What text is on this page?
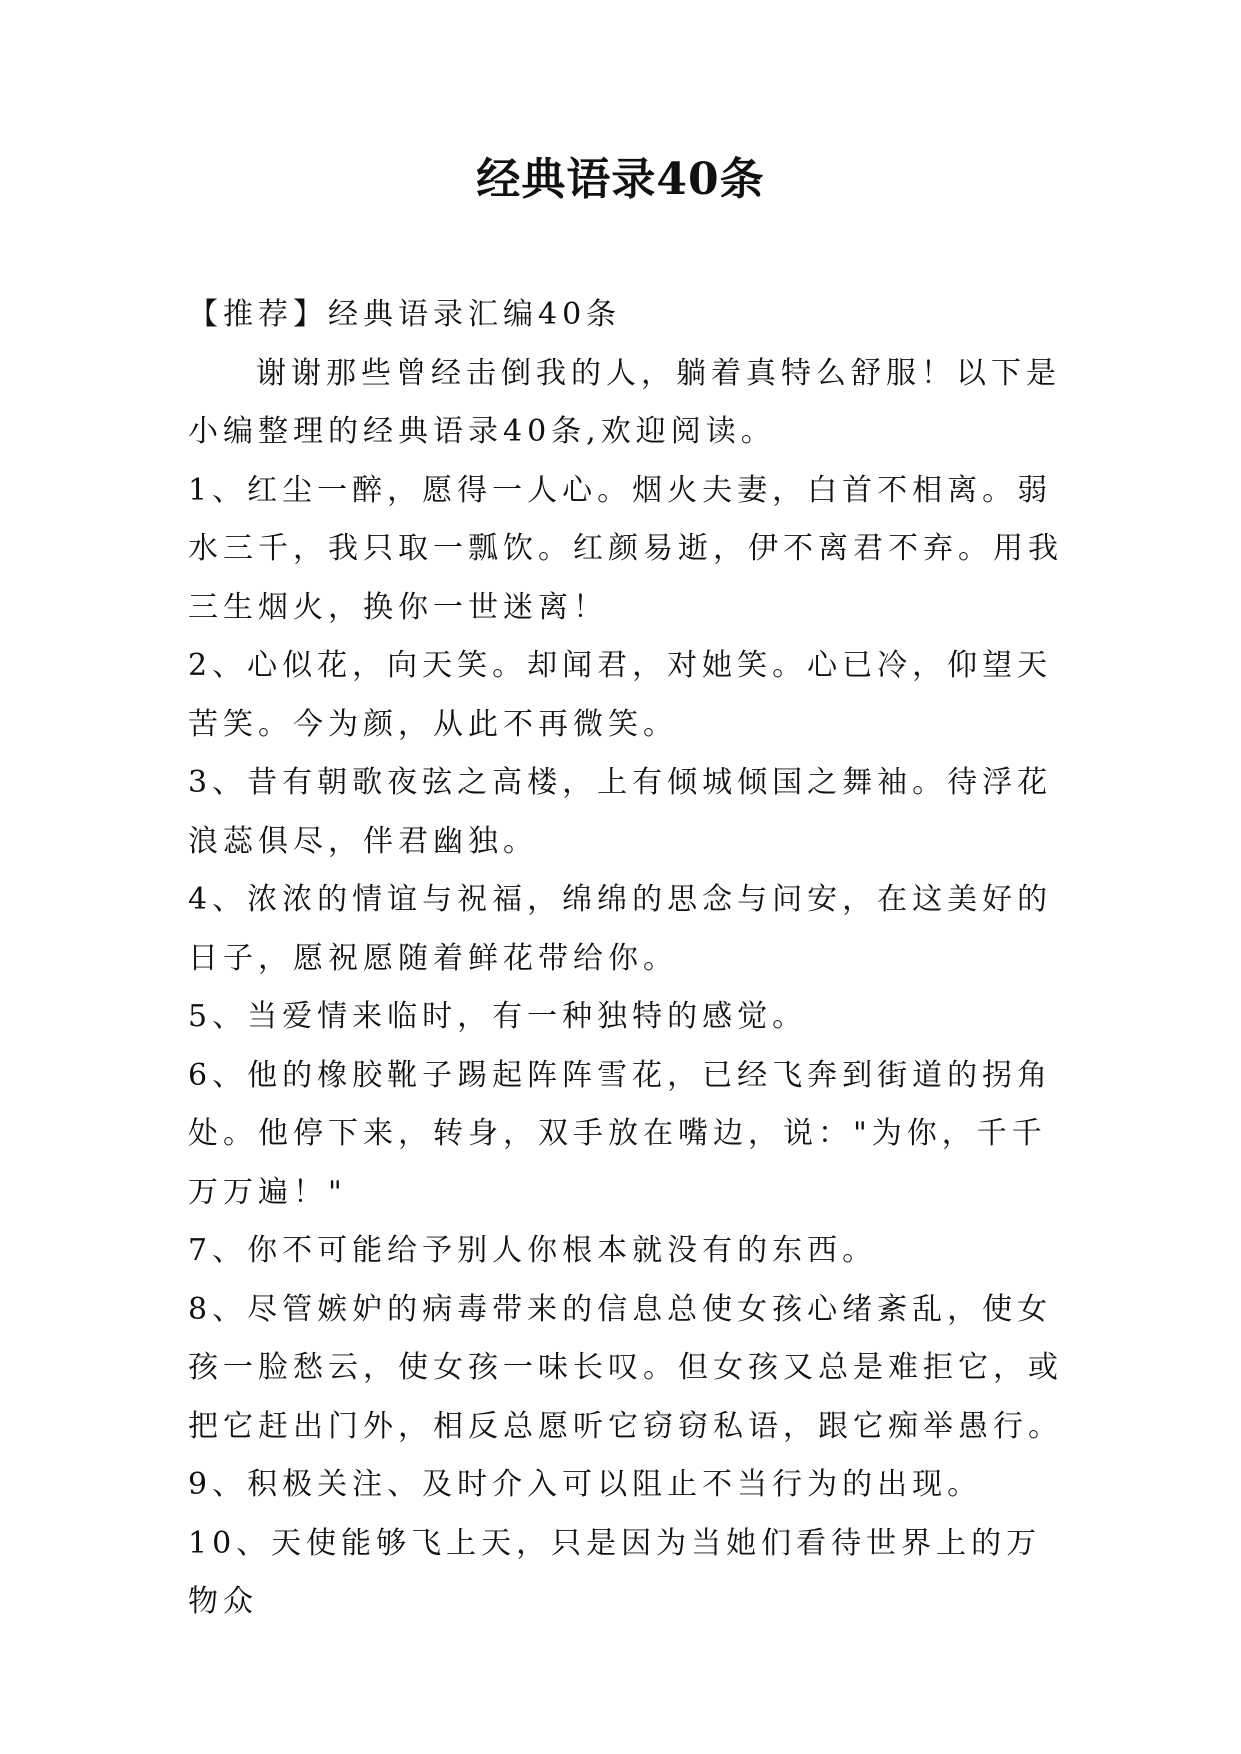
经典语录40条

【推荐】经典语录汇编40条

谢谢那些曾经击倒我的人，躺着真特么舒服！以下是小编整理的经典语录40条,欢迎阅读。

1、红尘一醉，愿得一人心。烟火夫妻，白首不相离。弱水三千，我只取一瓢饮。红颜易逝，伊不离君不弃。用我三生烟火，换你一世迷离！

2、心似花，向天笑。却闻君，对她笑。心已冷，仰望天苦笑。今为颜，从此不再微笑。

3、昔有朝歌夜弦之高楼，上有倾城倾国之舞袖。待浮花浪蕊俱尽，伴君幽独。

4、浓浓的情谊与祝福，绵绵的思念与问安，在这美好的日子，愿祝愿随着鲜花带给你。

5、当爱情来临时，有一种独特的感觉。

6、他的橡胶靴子踢起阵阵雪花，已经飞奔到街道的拐角处。他停下来，转身，双手放在嘴边，说："为你，千千万万遍！"

7、你不可能给予别人你根本就没有的东西。

8、尽管嫉妒的病毒带来的信息总使女孩心绪紊乱，使女孩一脸愁云，使女孩一味长叹。但女孩又总是难拒它，或把它赶出门外，相反总愿听它窃窃私语，跟它痴举愚行。

9、积极关注、及时介入可以阻止不当行为的出现。

10、天使能够飞上天，只是因为当她们看待世界上的万物众
